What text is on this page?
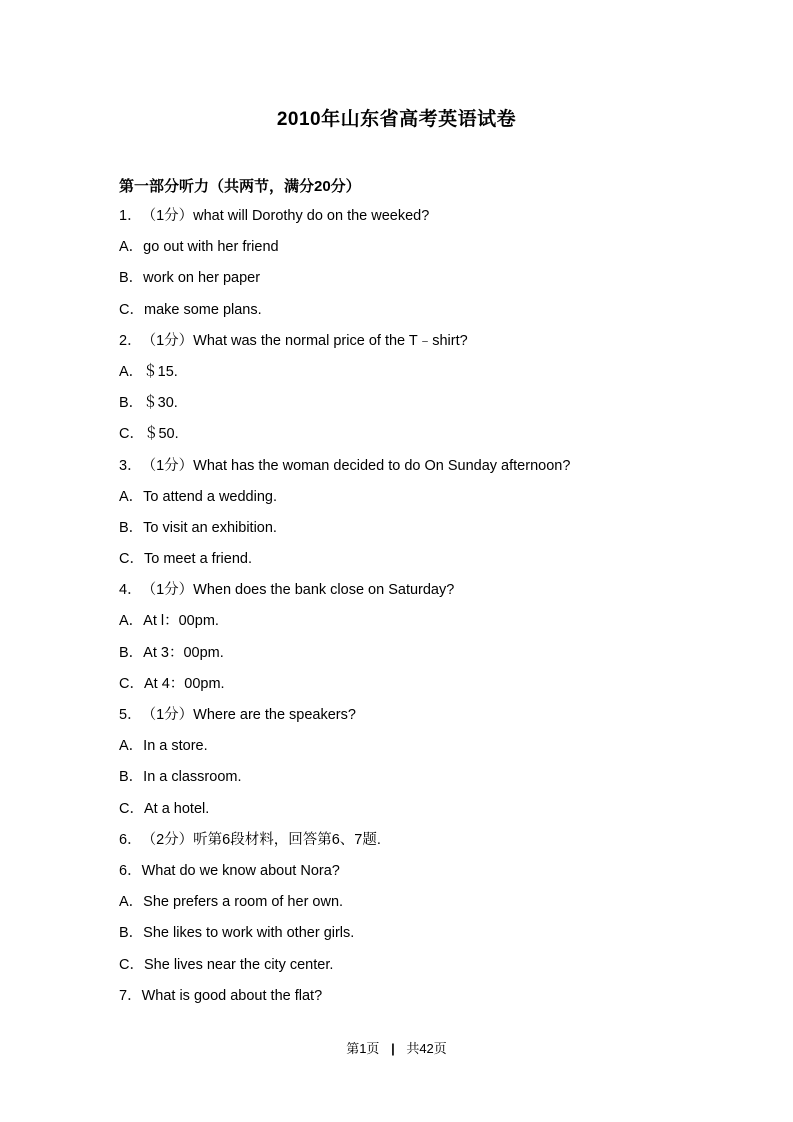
2010年山东省高考英语试卷
第一部分听力（共两节，满分20分）
1．（1分）what will Dorothy do on the weeked?
A．go out with her friend
B．work on her paper
C．make some plans.
2．（1分）What was the normal price of the T﹣shirt?
A．＄15.
B．＄30.
C．＄50.
3．（1分）What has the woman decided to do On Sunday afternoon?
A．To attend a wedding.
B．To visit an exhibition.
C．To meet a friend.
4．（1分）When does the bank close on Saturday?
A．At l：00pm.
B．At 3：00pm.
C．At 4：00pm.
5．（1分）Where are the speakers?
A．In a store.
B．In a classroom.
C．At a hotel.
6．（2分）听第6段材料，回答第6、7题.
6．What do we know about Nora?
A．She prefers a room of her own.
B．She likes to work with other girls.
C．She lives near the city center.
7．What is good about the flat?
第1页 | 共42页
